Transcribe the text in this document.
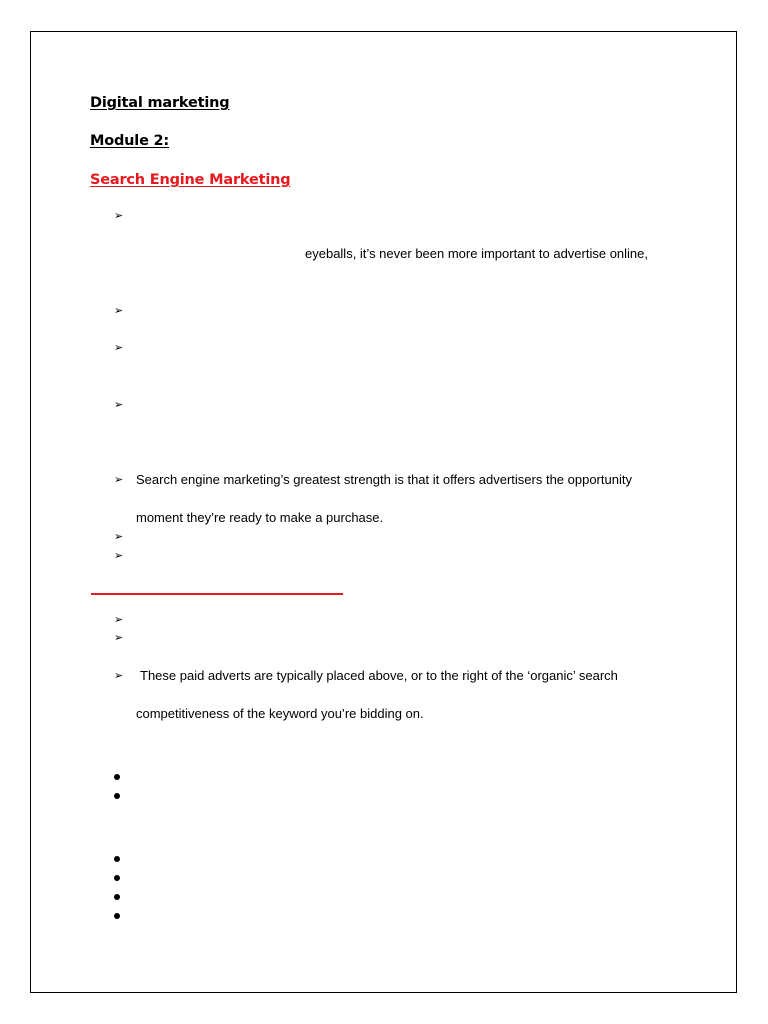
Digital marketing
Module 2:
Search Engine Marketing
➢
eyeballs, it’s never been more important to advertise online,
➢
➢
➢
➢ Search engine marketing’s greatest strength is that it offers advertisers the opportunity
moment they’re ready to make a purchase.
➢
➢
➢
➢
➢ These paid adverts are typically placed above, or to the right of the ‘organic’ search
competitiveness of the keyword you’re bidding on.
